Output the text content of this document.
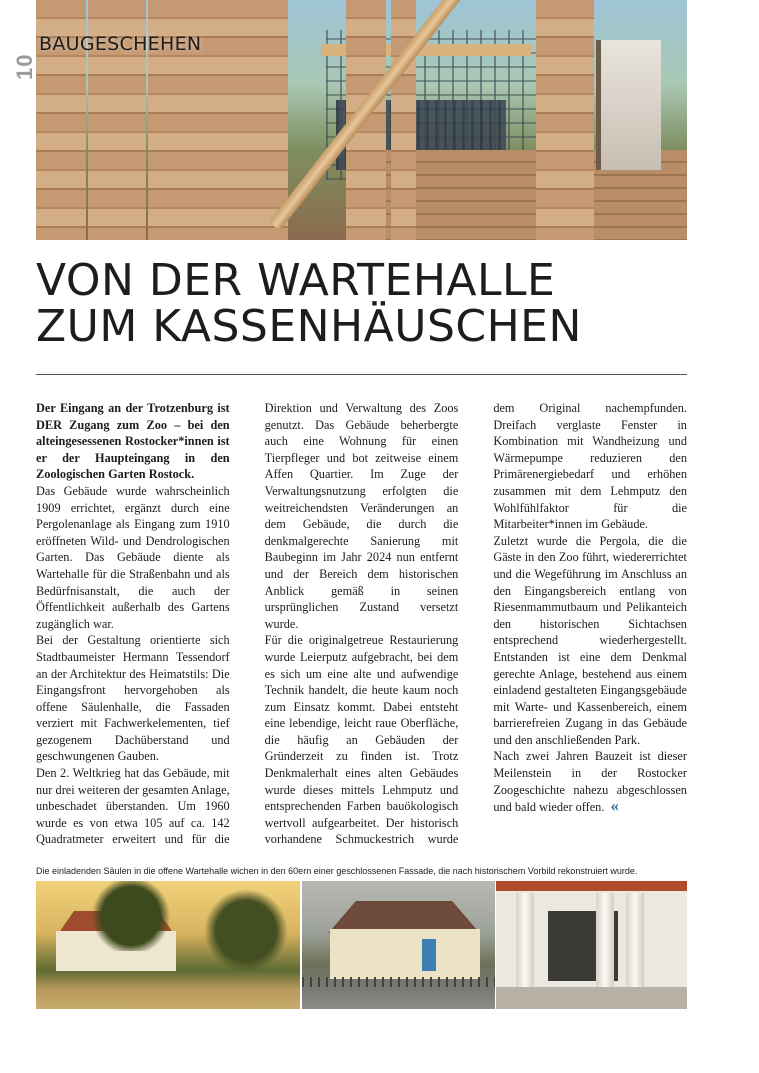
10
BAUGESCHEHEN
VON DER WARTEHALLE
ZUM KASSENHÄUSCHEN

Der Eingang an der Trotzenburg ist DER Zugang zum Zoo – bei den alteingesessenen Rostocker*innen ist er der Haupteingang in den Zoologischen Garten Rostock.

Das Gebäude wurde wahrscheinlich 1909 errichtet, ergänzt durch eine Pergolenanlage als Eingang zum 1910 eröffneten Wild- und Dendrologischen Garten. Das Gebäude diente als Wartehalle für die Straßenbahn und als Bedürfnisanstalt, die auch der Öffentlichkeit außerhalb des Gartens zugänglich war.

Bei der Gestaltung orientierte sich Stadtbaumeister Hermann Tessendorf an der Architektur des Heimatstils: Die Eingangsfront hervorgehoben als offene Säulenhalle, die Fassaden verziert mit Fachwerkelementen, tief gezogenem Dachüberstand und geschwungenen Gauben.

Den 2. Weltkrieg hat das Gebäude, mit nur drei weiteren der gesamten Anlage, unbeschadet überstanden. Um 1960 wurde es von etwa 105 auf ca. 142 Quadratmeter erweitert und für die Direktion und Verwaltung des Zoos genutzt. Das Gebäude beherbergte auch eine Wohnung für einen Tierpfleger und bot zeitweise einem Affen Quartier. Im Zuge der Verwaltungsnutzung erfolgten die weitreichendsten Veränderungen an dem Gebäude, die durch die denkmalgerechte Sanierung mit Baubeginn im Jahr 2024 nun entfernt und der Bereich dem historischen Anblick gemäß in seinen ursprünglichen Zustand versetzt wurde.

Für die originalgetreue Restaurierung wurde Leierputz aufgebracht, bei dem es sich um eine alte und aufwendige Technik handelt, die heute kaum noch zum Einsatz kommt. Dabei entsteht eine lebendige, leicht raue Oberfläche, die häufig an Gebäuden der Gründerzeit zu finden ist. Trotz Denkmalerhalt eines alten Gebäudes wurde dieses mittels Lehmputz und entsprechenden Farben bauökologisch wertvoll aufgearbeitet. Der historisch vorhandene Schmuckestrich wurde dem Original nachempfunden. Dreifach verglaste Fenster in Kombination mit Wandheizung und Wärmepumpe reduzieren den Primärenergiebedarf und erhöhen zusammen mit dem Lehmputz den Wohlfühlfaktor für die Mitarbeiter*innen im Gebäude.

Zuletzt wurde die Pergola, die die Gäste in den Zoo führt, wiedererrichtet und die Wegeführung im Anschluss an den Eingangsbereich entlang von Riesenmammutbaum und Pelikanteich den historischen Sichtachsen entsprechend wiederhergestellt. Entstanden ist eine dem Denkmal gerechte Anlage, bestehend aus einem einladend gestalteten Eingangsgebäude mit Warte- und Kassenbereich, einem barrierefreien Zugang in das Gebäude und den anschließenden Park.

Nach zwei Jahren Bauzeit ist dieser Meilenstein in der Rostocker Zoogeschichte nahezu abgeschlossen und bald wieder offen. «

Die einladenden Säulen in die offene Wartehalle wichen in den 60ern einer geschlossenen Fassade, die nach historischem Vorbild rekonstruiert wurde.
